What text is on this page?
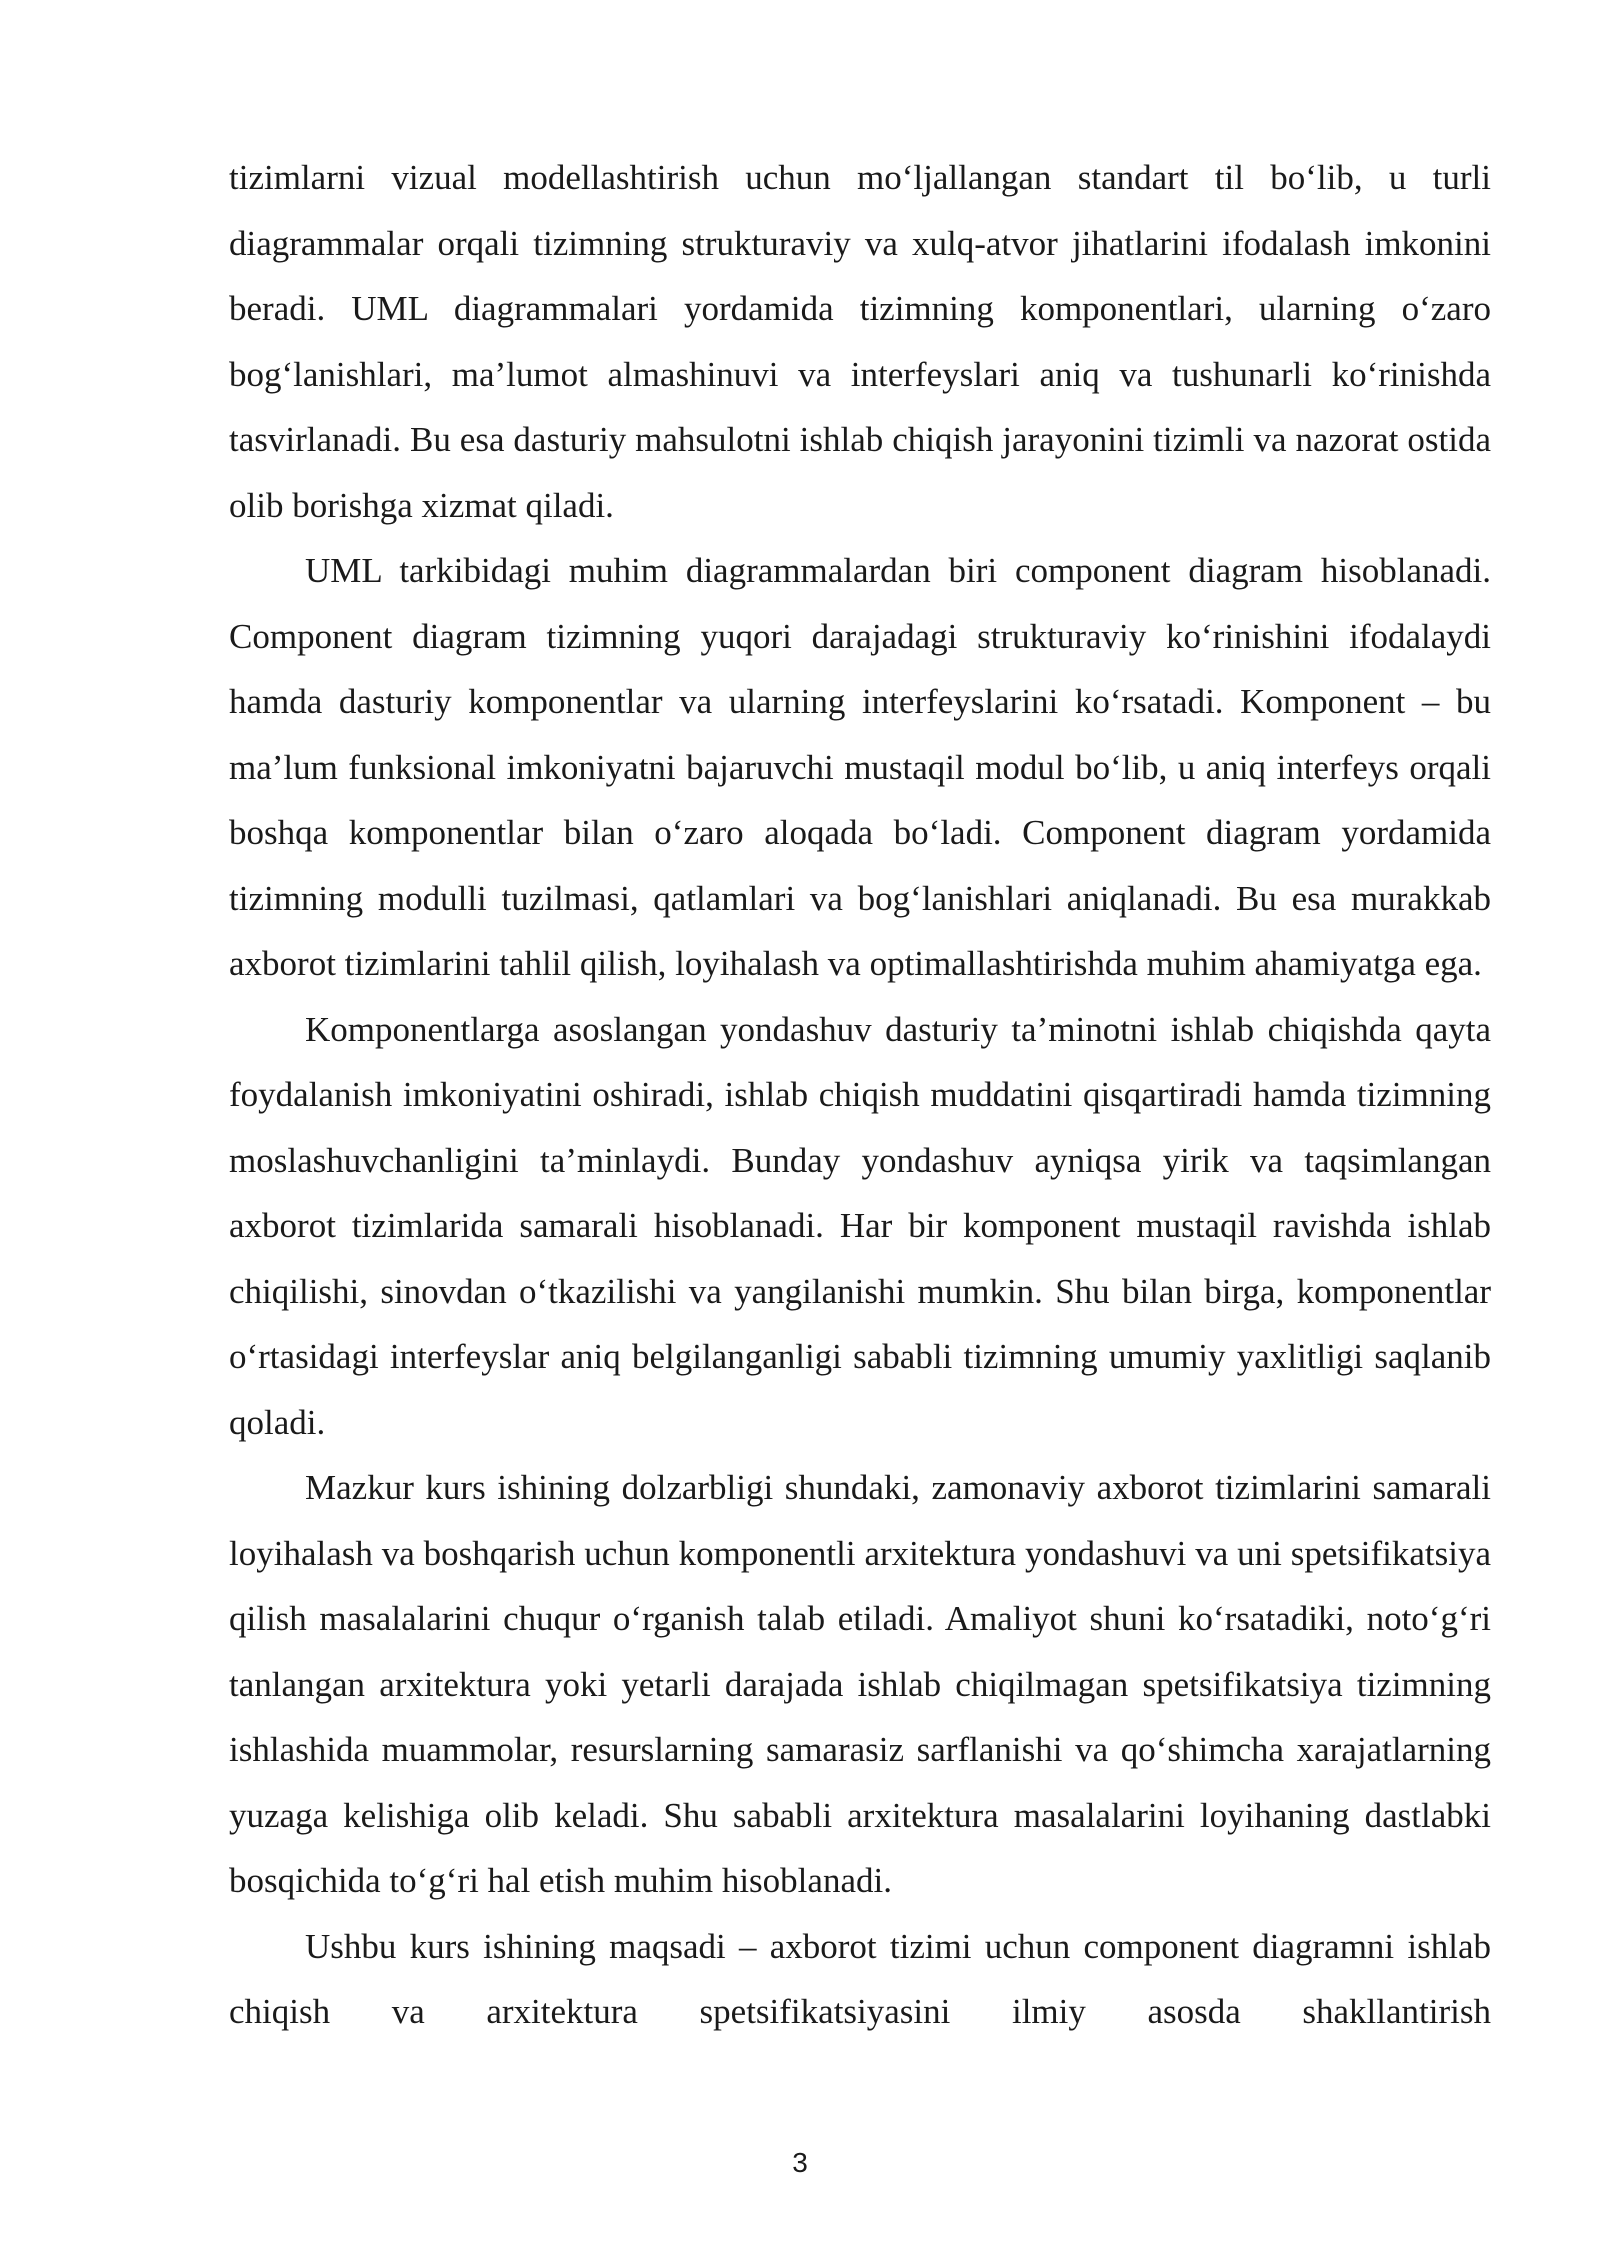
tizimlarni vizual modellashtirish uchun mo‘ljallangan standart til bo‘lib, u turli diagrammalar orqali tizimning strukturaviy va xulq-atvor jihatlarini ifodalash imkonini beradi. UML diagrammalari yordamida tizimning komponentlari, ularning o‘zaro bog‘lanishlari, ma’lumot almashinuvi va interfeyslari aniq va tushunarli ko‘rinishda tasvirlanadi. Bu esa dasturiy mahsulotni ishlab chiqish jarayonini tizimli va nazorat ostida olib borishga xizmat qiladi.

UML tarkibidagi muhim diagrammalardan biri component diagram hisoblanadi. Component diagram tizimning yuqori darajadagi strukturaviy ko‘rinishini ifodalaydi hamda dasturiy komponentlar va ularning interfeyslarini ko‘rsatadi. Komponent – bu ma’lum funksional imkoniyatni bajaruvchi mustaqil modul bo‘lib, u aniq interfeys orqali boshqa komponentlar bilan o‘zaro aloqada bo‘ladi. Component diagram yordamida tizimning modulli tuzilmasi, qatlamlari va bog‘lanishlari aniqlanadi. Bu esa murakkab axborot tizimlarini tahlil qilish, loyihalash va optimallashtirishda muhim ahamiyatga ega.

Komponentlarga asoslangan yondashuv dasturiy ta’minotni ishlab chiqishda qayta foydalanish imkoniyatini oshiradi, ishlab chiqish muddatini qisqartiradi hamda tizimning moslashuvchanligini ta’minlaydi. Bunday yondashuv ayniqsa yirik va taqsimlangan axborot tizimlarida samarali hisoblanadi. Har bir komponent mustaqil ravishda ishlab chiqilishi, sinovdan o‘tkazilishi va yangilanishi mumkin. Shu bilan birga, komponentlar o‘rtasidagi interfeyslar aniq belgilanganligi sababli tizimning umumiy yaxlitligi saqlanib qoladi.

Mazkur kurs ishining dolzarbligi shundaki, zamonaviy axborot tizimlarini samarali loyihalash va boshqarish uchun komponentli arxitektura yondashuvi va uni spetsifikatsiya qilish masalalarini chuqur o‘rganish talab etiladi. Amaliyot shuni ko‘rsatadiki, noto‘g‘ri tanlangan arxitektura yoki yetarli darajada ishlab chiqilmagan spetsifikatsiya tizimning ishlashida muammolar, resurslarning samarasiz sarflanishi va qo‘shimcha xarajatlarning yuzaga kelishiga olib keladi. Shu sababli arxitektura masalalarini loyihaning dastlabki bosqichida to‘g‘ri hal etish muhim hisoblanadi.

Ushbu kurs ishining maqsadi – axborot tizimi uchun component diagramni ishlab chiqish va arxitektura spetsifikatsiyasini ilmiy asosda shakllantirish

3
